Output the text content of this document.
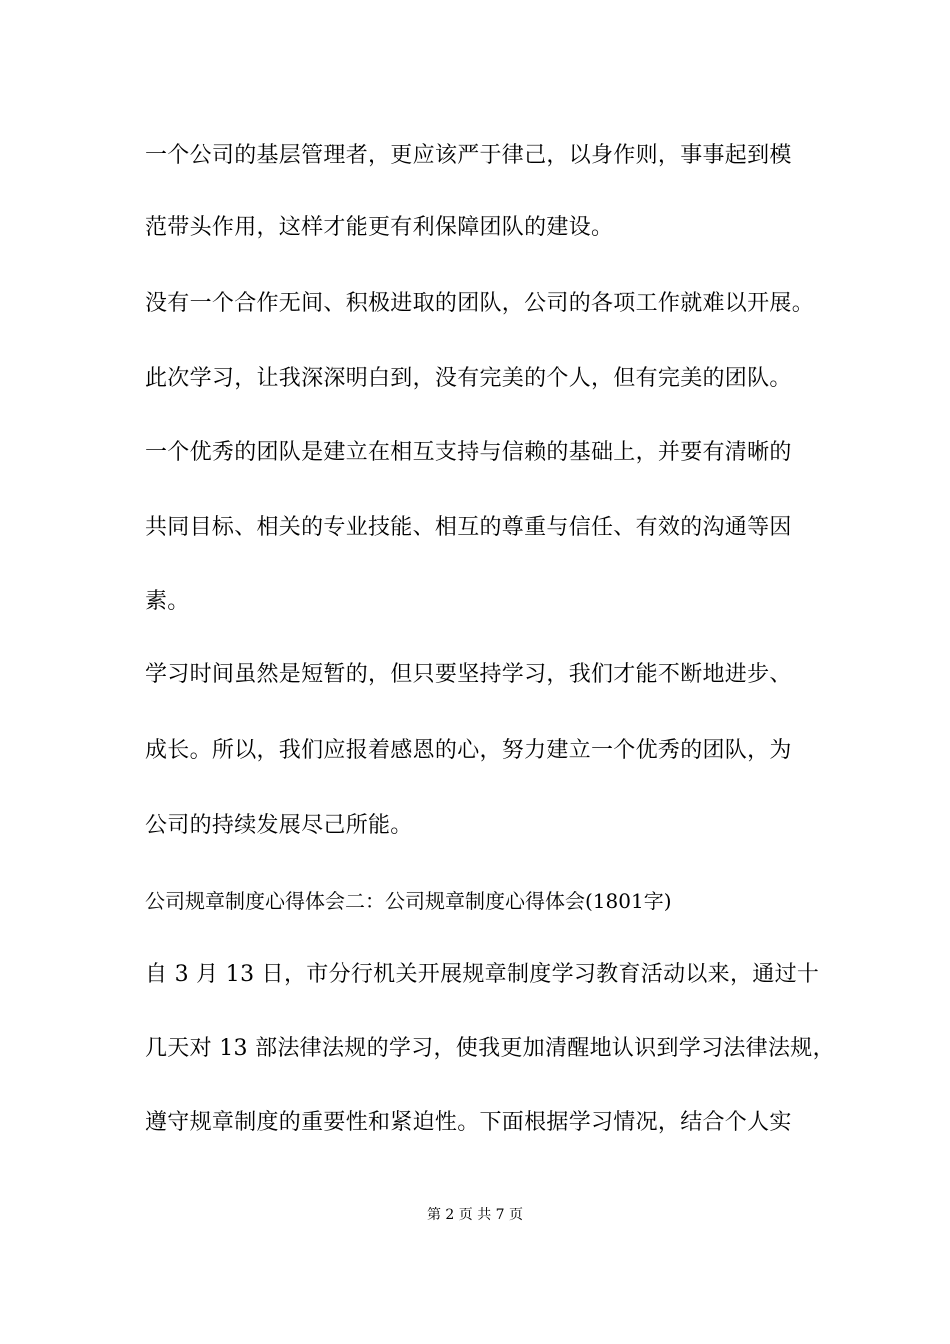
一个公司的基层管理者，更应该严于律己，以身作则，事事起到模
范带头作用，这样才能更有利保障团队的建设。
没有一个合作无间、积极进取的团队，公司的各项工作就难以开展。
此次学习，让我深深明白到，没有完美的个人，但有完美的团队。
一个优秀的团队是建立在相互支持与信赖的基础上，并要有清晰的
共同目标、相关的专业技能、相互的尊重与信任、有效的沟通等因
素。
学习时间虽然是短暂的，但只要坚持学习，我们才能不断地进步、
成长。所以，我们应报着感恩的心，努力建立一个优秀的团队，为
公司的持续发展尽己所能。
公司规章制度心得体会二：公司规章制度心得体会(1801字)
自 3 月 13 日，市分行机关开展规章制度学习教育活动以来，通过十
几天对 13 部法律法规的学习，使我更加清醒地认识到学习法律法规，
遵守规章制度的重要性和紧迫性。下面根据学习情况，结合个人实
第 2 页 共 7 页
